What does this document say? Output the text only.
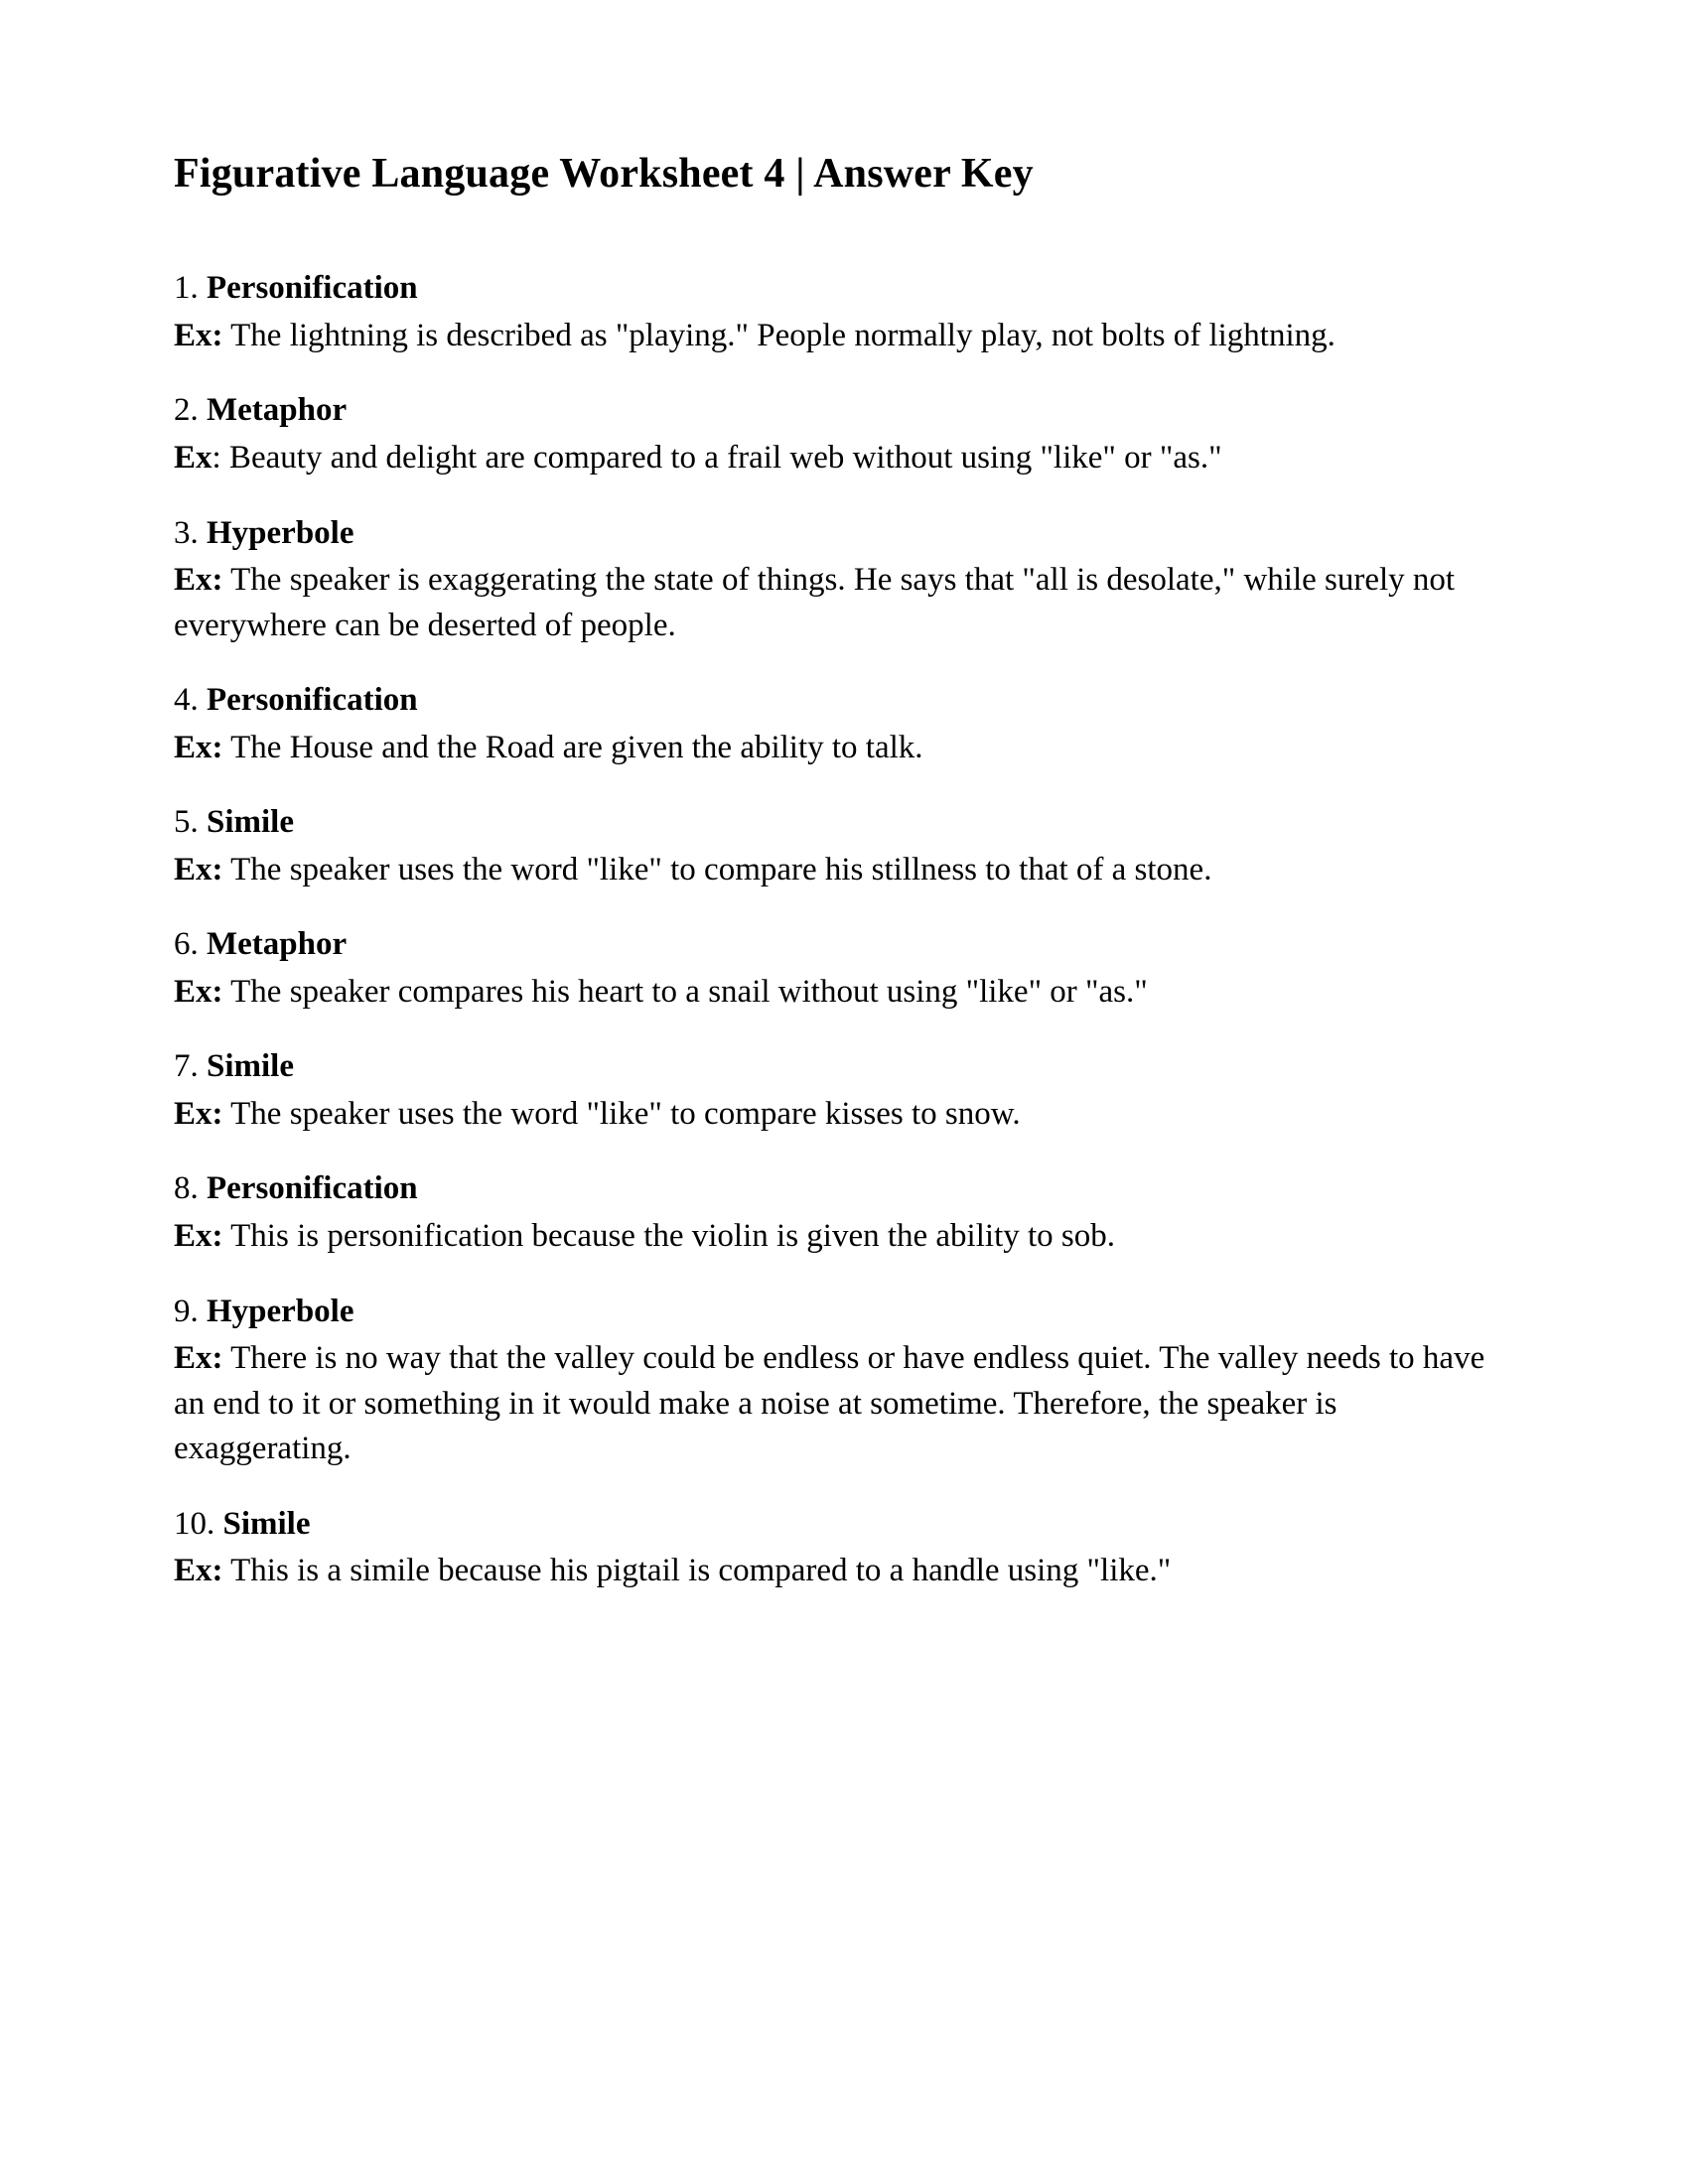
Figurative Language Worksheet 4 | Answer Key
1. Personification

Ex: The lightning is described as "playing." People normally play, not bolts of lightning.

2. Metaphor

Ex: Beauty and delight are compared to a frail web without using "like" or "as."

3. Hyperbole

Ex: The speaker is exaggerating the state of things. He says that "all is desolate," while surely not everywhere can be deserted of people.

4. Personification

Ex: The House and the Road are given the ability to talk.

5. Simile

Ex: The speaker uses the word "like" to compare his stillness to that of a stone.

6. Metaphor

Ex: The speaker compares his heart to a snail without using "like" or "as."

7. Simile

Ex: The speaker uses the word "like" to compare kisses to snow.

8. Personification

Ex: This is personification because the violin is given the ability to sob.

9. Hyperbole

Ex: There is no way that the valley could be endless or have endless quiet. The valley needs to have an end to it or something in it would make a noise at sometime. Therefore, the speaker is exaggerating.

10. Simile

Ex: This is a simile because his pigtail is compared to a handle using "like."
